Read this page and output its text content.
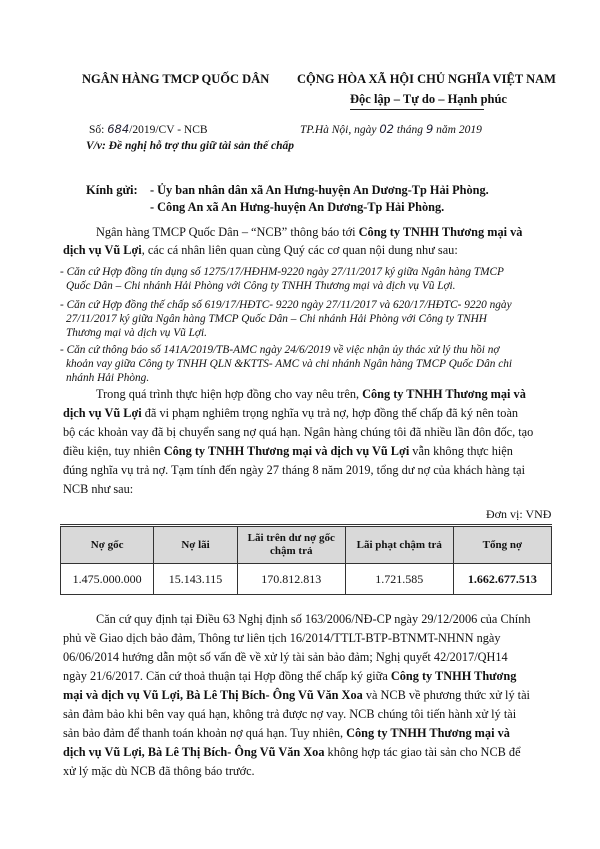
NGÂN HÀNG TMCP QUỐC DÂN CỘNG HÒA XÃ HỘI CHỦ NGHĨA VIỆT NAM
Độc lập – Tự do – Hạnh phúc
Số: 684/2019/CV - NCB
V/v: Đề nghị hỗ trợ thu giữ tài sản thế chấp
TP.Hà Nội, ngày 02 tháng 9 năm 2019
Kính gửi: - Ủy ban nhân dân xã An Hưng-huyện An Dương-Tp Hải Phòng.
- Công An xã An Hưng-huyện An Dương-Tp Hải Phòng.
Ngân hàng TMCP Quốc Dân – “NCB” thông báo tới Công ty TNHH Thương mại và
dịch vụ Vũ Lợi, các cá nhân liên quan cùng Quý các cơ quan nội dung như sau:
- Căn cứ Hợp đồng tín dụng số 1275/17/HĐHM-9220 ngày 27/11/2017 ký giữa Ngân hàng TMCP
Quốc Dân – Chi nhánh Hải Phòng với Công ty TNHH Thương mại và dịch vụ Vũ Lợi.
- Căn cứ Hợp đồng thế chấp số 619/17/HĐTC- 9220 ngày 27/11/2017 và 620/17/HĐTC- 9220 ngày
27/11/2017 ký giữa Ngân hàng TMCP Quốc Dân – Chi nhánh Hải Phòng với Công ty TNHH
Thương mại và dịch vụ Vũ Lợi.
- Căn cứ thông báo số 141A/2019/TB-AMC ngày 24/6/2019 về việc nhận ủy thác xử lý thu hồi nợ
khoản vay giữa Công ty TNHH QLN &KTTS- AMC và chi nhánh Ngân hàng TMCP Quốc Dân chi
nhánh Hải Phòng.
Trong quá trình thực hiện hợp đồng cho vay nêu trên, Công ty TNHH Thương mại và
dịch vụ Vũ Lợi đã vi phạm nghiêm trọng nghĩa vụ trả nợ, hợp đồng thế chấp đã ký nên toàn
bộ các khoản vay đã bị chuyển sang nợ quá hạn. Ngân hàng chúng tôi đã nhiều lần đôn đốc, tạo
điều kiện, tuy nhiên Công ty TNHH Thương mại và dịch vụ Vũ Lợi vẫn không thực hiện
đúng nghĩa vụ trả nợ. Tạm tính đến ngày 27 tháng 8 năm 2019, tổng dư nợ của khách hàng tại
NCB như sau:
Đơn vị: VNĐ
Nợ gốc	Nợ lãi	Lãi trên dư nợ gốc chậm trả	Lãi phạt chậm trả	Tổng nợ
1.475.000.000	15.143.115	170.812.813	1.721.585	1.662.677.513
Căn cứ quy định tại Điều 63 Nghị định số 163/2006/NĐ-CP ngày 29/12/2006 của Chính
phủ về Giao dịch bảo đảm, Thông tư liên tịch 16/2014/TTLT-BTP-BTNMT-NHNN ngày
06/06/2014 hướng dẫn một số vấn đề về xử lý tài sản bảo đảm; Nghị quyết 42/2017/QH14
ngày 21/6/2017. Căn cứ thoả thuận tại Hợp đồng thế chấp ký giữa Công ty TNHH Thương
mại và dịch vụ Vũ Lợi, Bà Lê Thị Bích- Ông Vũ Văn Xoa và NCB về phương thức xử lý tài
sản đảm bảo khi bên vay quá hạn, không trả được nợ vay. NCB chúng tôi tiến hành xử lý tài
sản bảo đảm để thanh toán khoản nợ quá hạn. Tuy nhiên, Công ty TNHH Thương mại và
dịch vụ Vũ Lợi, Bà Lê Thị Bích- Ông Vũ Văn Xoa không hợp tác giao tài sản cho NCB để
xử lý mặc dù NCB đã thông báo trước.
